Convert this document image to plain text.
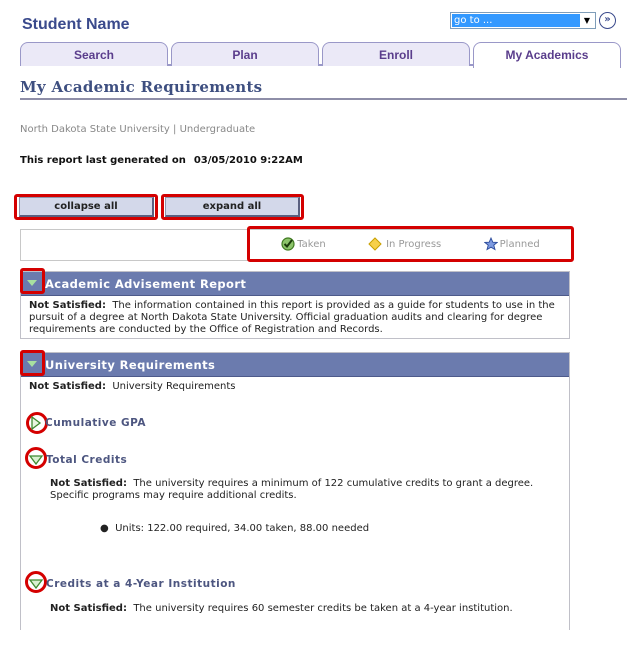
Student Name	go to ...	▼	»
Search	Plan	Enroll	My Academics
My Academic Requirements
North Dakota State University | Undergraduate
This report last generated on 03/05/2010 9:22AM
collapse all	expand all
Taken	In Progress	Planned
Academic Advisement Report
Not Satisfied: The information contained in this report is provided as a guide for students to use in the pursuit of a degree at North Dakota State University. Official graduation audits and clearing for degree requirements are conducted by the Office of Registration and Records.
University Requirements
Not Satisfied: University Requirements
Cumulative GPA
Total Credits
Not Satisfied: The university requires a minimum of 122 cumulative credits to grant a degree. Specific programs may require additional credits.
● Units: 122.00 required, 34.00 taken, 88.00 needed
Credits at a 4-Year Institution
Not Satisfied: The university requires 60 semester credits be taken at a 4-year institution.
